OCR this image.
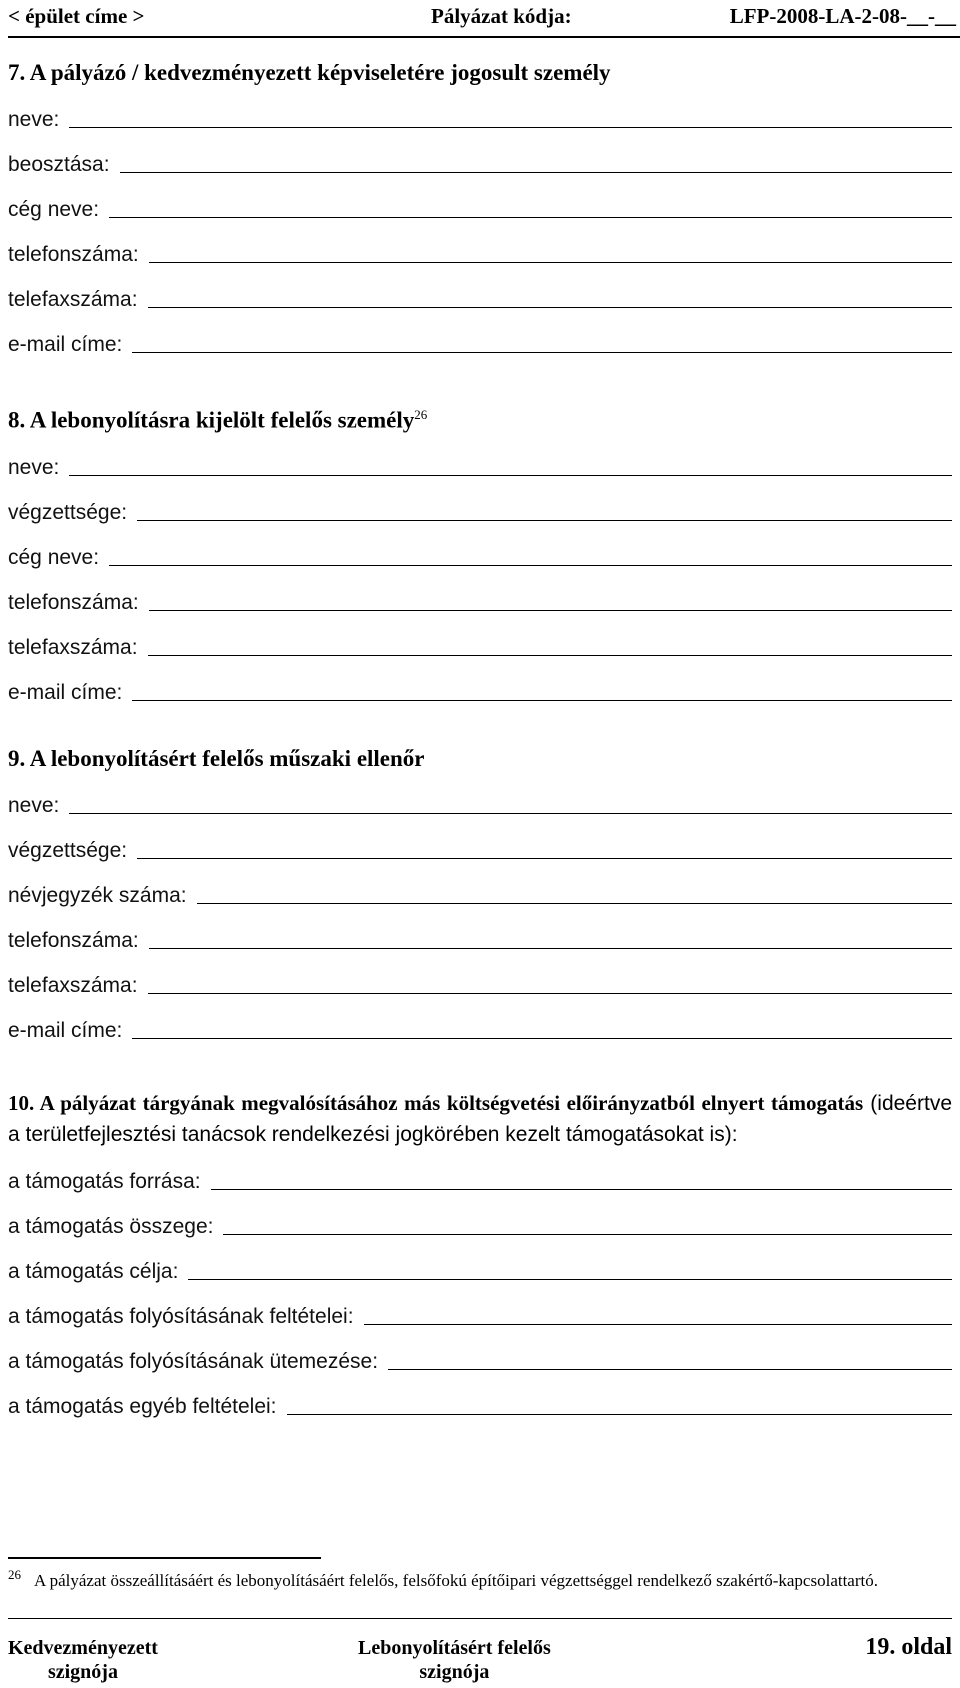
< épület címe >	Pályázat kódja:	LFP-2008-LA-2-08-__-__
7. A pályázó / kedvezményezett képviseletére jogosult személy
neve:
beosztása:
cég neve:
telefonszáma:
telefaxszáma:
e-mail címe:
8. A lebonyolításra kijelölt felelős személy$^{26}$
neve:
végzettsége:
cég neve:
telefonszáma:
telefaxszáma:
e-mail címe:
9. A lebonyolításért felelős műszaki ellenőr
neve:
végzettsége:
névjegyzék száma:
telefonszáma:
telefaxszáma:
e-mail címe:
10. A pályázat tárgyának megvalósításához más költségvetési előirányzatból elnyert támogatás (ideértve a területfejlesztési tanácsok rendelkezési jogkörében kezelt támogatásokat is):
a támogatás forrása:
a támogatás összege:
a támogatás célja:
a támogatás folyósításának feltételei:
a támogatás folyósításának ütemezése:
a támogatás egyéb feltételei:
26 A pályázat összeállításáért és lebonyolításáért felelős, felsőfokú építőipari végzettséggel rendelkező szakértő-kapcsolattartó.
Kedvezményezett
szignója
Lebonyolításért felelős
szignója
19. oldal
